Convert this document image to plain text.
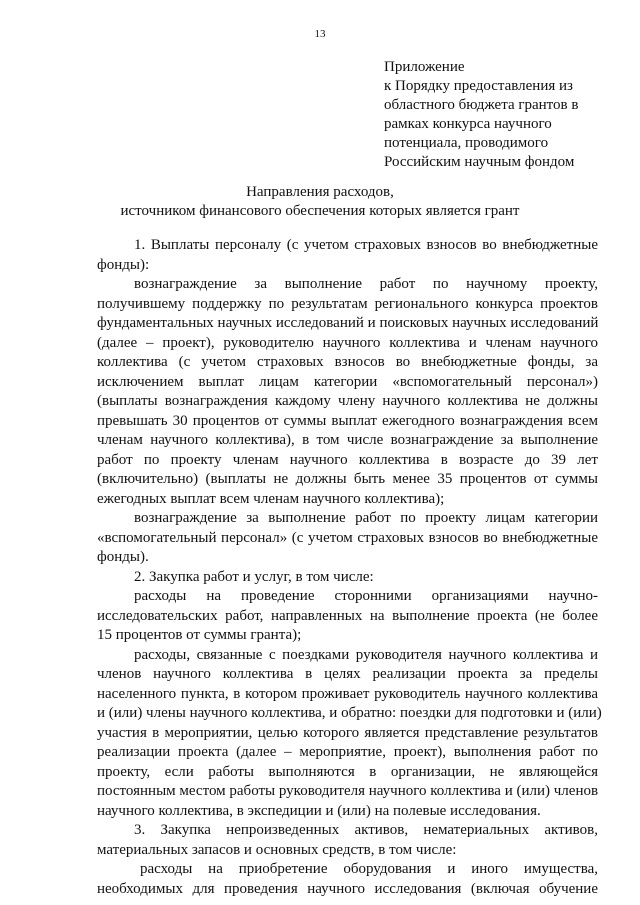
13
Приложение
к Порядку предоставления из
областного бюджета грантов в
рамках конкурса научного
потенциала, проводимого
Российским научным фондом
Направления расходов,
источником финансового обеспечения которых является грант
1. Выплаты персоналу (с учетом страховых взносов во внебюджетные
фонды):
вознаграждение за выполнение работ по научному проекту,
получившему поддержку по результатам регионального конкурса проектов
фундаментальных научных исследований и поисковых научных исследований
(далее – проект), руководителю научного коллектива и членам научного
коллектива (с учетом страховых взносов во внебюджетные фонды, за
исключением выплат лицам категории «вспомогательный персонал»)
(выплаты вознаграждения каждому члену научного коллектива не должны
превышать 30 процентов от суммы выплат ежегодного вознаграждения всем
членам научного коллектива), в том числе вознаграждение за выполнение
работ по проекту членам научного коллектива в возрасте до 39 лет
(включительно) (выплаты не должны быть менее 35 процентов от суммы
ежегодных выплат всем членам научного коллектива);
вознаграждение за выполнение работ по проекту лицам категории
«вспомогательный персонал» (с учетом страховых взносов во внебюджетные
фонды).
2. Закупка работ и услуг, в том числе:
расходы на проведение сторонними организациями научно-
исследовательских работ, направленных на выполнение проекта (не более
15 процентов от суммы гранта);
расходы, связанные с поездками руководителя научного коллектива и
членов научного коллектива в целях реализации проекта за пределы
населенного пункта, в котором проживает руководитель научного коллектива
и (или) члены научного коллектива, и обратно: поездки для подготовки и (или)
участия в мероприятии, целью которого является представление результатов
реализации проекта (далее – мероприятие, проект), выполнения работ по
проекту, если работы выполняются в организации, не являющейся
постоянным местом работы руководителя научного коллектива и (или) членов
научного коллектива, в экспедиции и (или) на полевые исследования.
3. Закупка непроизведенных активов, нематериальных активов,
материальных запасов и основных средств, в том числе:
расходы на приобретение оборудования и иного имущества,
необходимых для проведения научного исследования (включая обучение
